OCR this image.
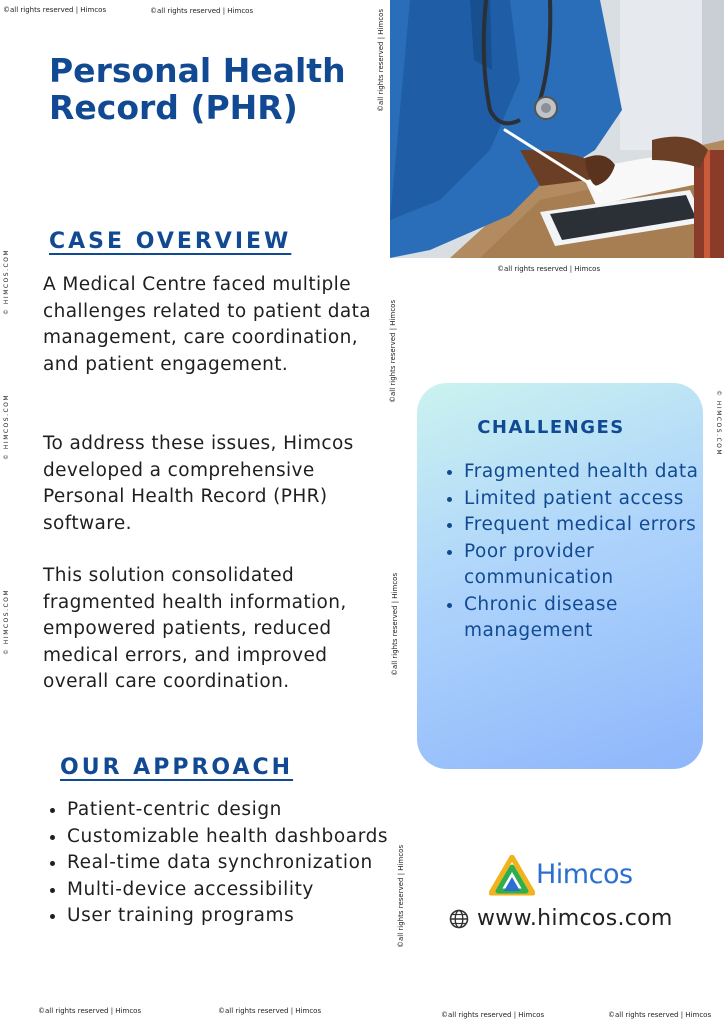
©all rights reserved | Himcos	©all rights reserved | Himcos
©all rights reserved | Himcos
©all rights reserved | Himcos	©all rights reserved | Himcos	©all rights reserved | Himcos	©all rights reserved | Himcos
©all rights reserved | Himcos
©all rights reserved | Himcos
©all rights reserved | Himcos
©all rights reserved | Himcos
© HIMCOS.COM
© HIMCOS.COM
© HIMCOS.COM
© HIMCOS.COM
Personal Health Record (PHR)
CASE OVERVIEW

A Medical Centre faced multiple challenges related to patient data management, care coordination, and patient engagement.

To address these issues, Himcos developed a comprehensive Personal Health Record (PHR) software.

This solution consolidated fragmented health information, empowered patients, reduced medical errors, and improved overall care coordination.

OUR APPROACH
• Patient-centric design
• Customizable health dashboards
• Real-time data synchronization
• Multi-device accessibility
• User training programs
CHALLENGES
• Fragmented health data
• Limited patient access
• Frequent medical errors
• Poor provider communication
• Chronic disease management
Himcos
www.himcos.com
